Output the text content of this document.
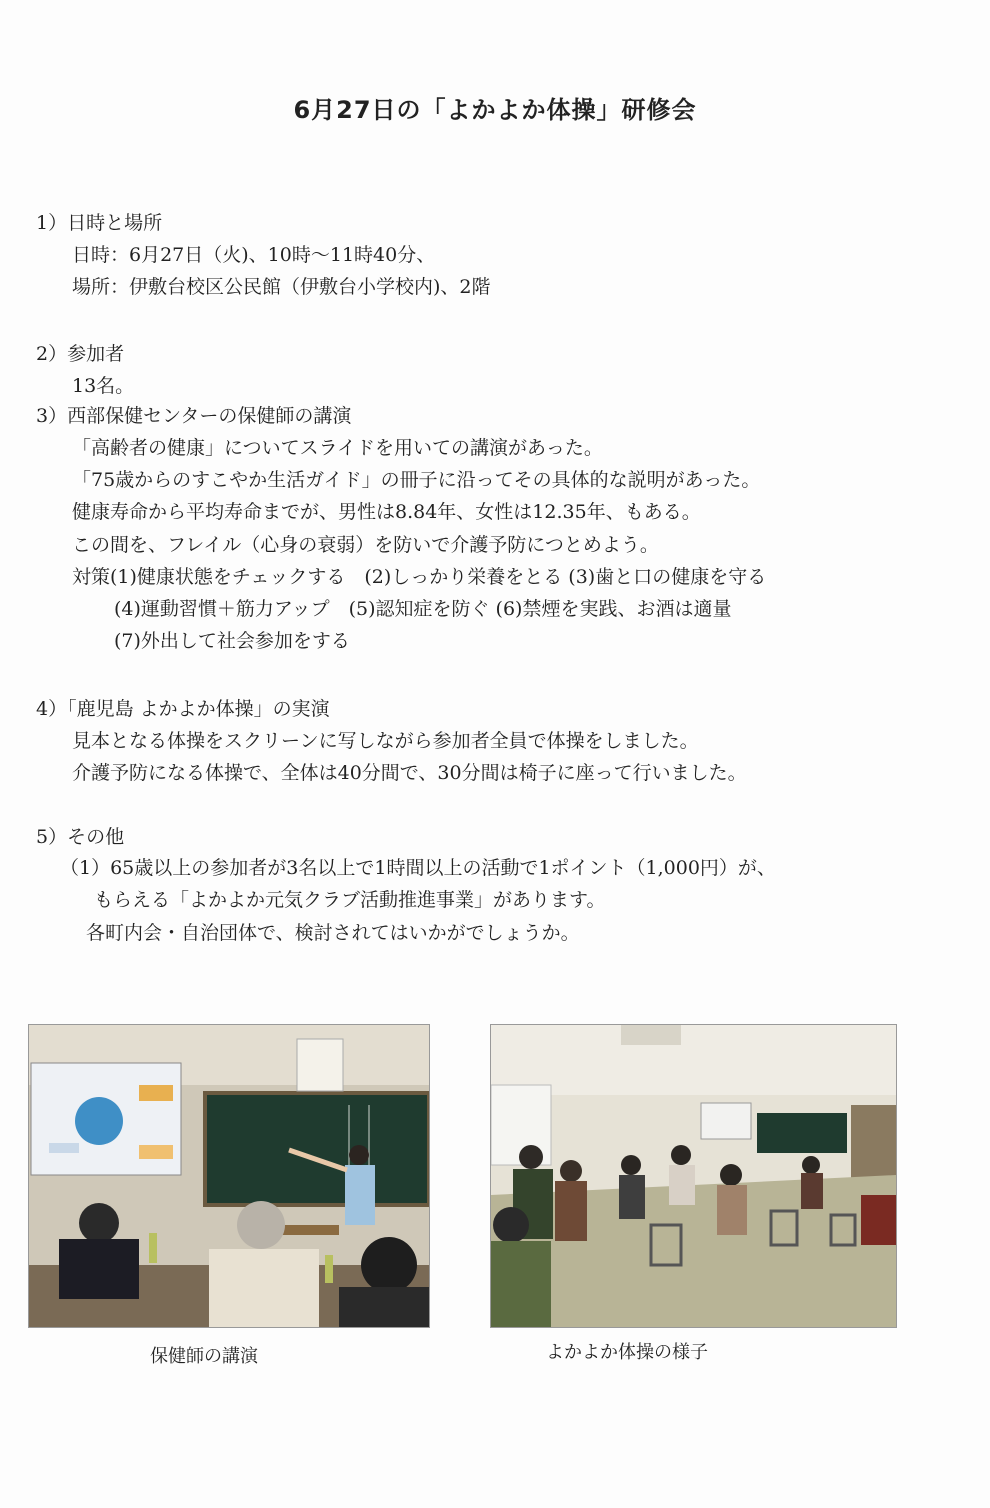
6月27日の「よかよか体操」研修会
1）日時と場所
日時：6月27日（火)、10時〜11時40分、
場所：伊敷台校区公民館（伊敷台小学校内)、2階
2）参加者
13名。
3）西部保健センターの保健師の講演
「高齢者の健康」についてスライドを用いての講演があった。
「75歳からのすこやか生活ガイド」の冊子に沿ってその具体的な説明があった。
健康寿命から平均寿命までが、男性は8.84年、女性は12.35年、もある。
この間を、フレイル（心身の衰弱）を防いで介護予防につとめよう。
対策(1)健康状態をチェックする　(2)しっかり栄養をとる (3)歯と口の健康を守る
(4)運動習慣＋筋力アップ　(5)認知症を防ぐ (6)禁煙を実践、お酒は適量
(7)外出して社会参加をする
4）「鹿児島 よかよか体操」の実演
見本となる体操をスクリーンに写しながら参加者全員で体操をしました。
介護予防になる体操で、全体は40分間で、30分間は椅子に座って行いました。
5）その他
（1）65歳以上の参加者が3名以上で1時間以上の活動で1ポイント（1,000円）が、
もらえる「よかよか元気クラブ活動推進事業」があります。
各町内会・自治団体で、検討されてはいかがでしょうか。
保健師の講演	よかよか体操の様子
